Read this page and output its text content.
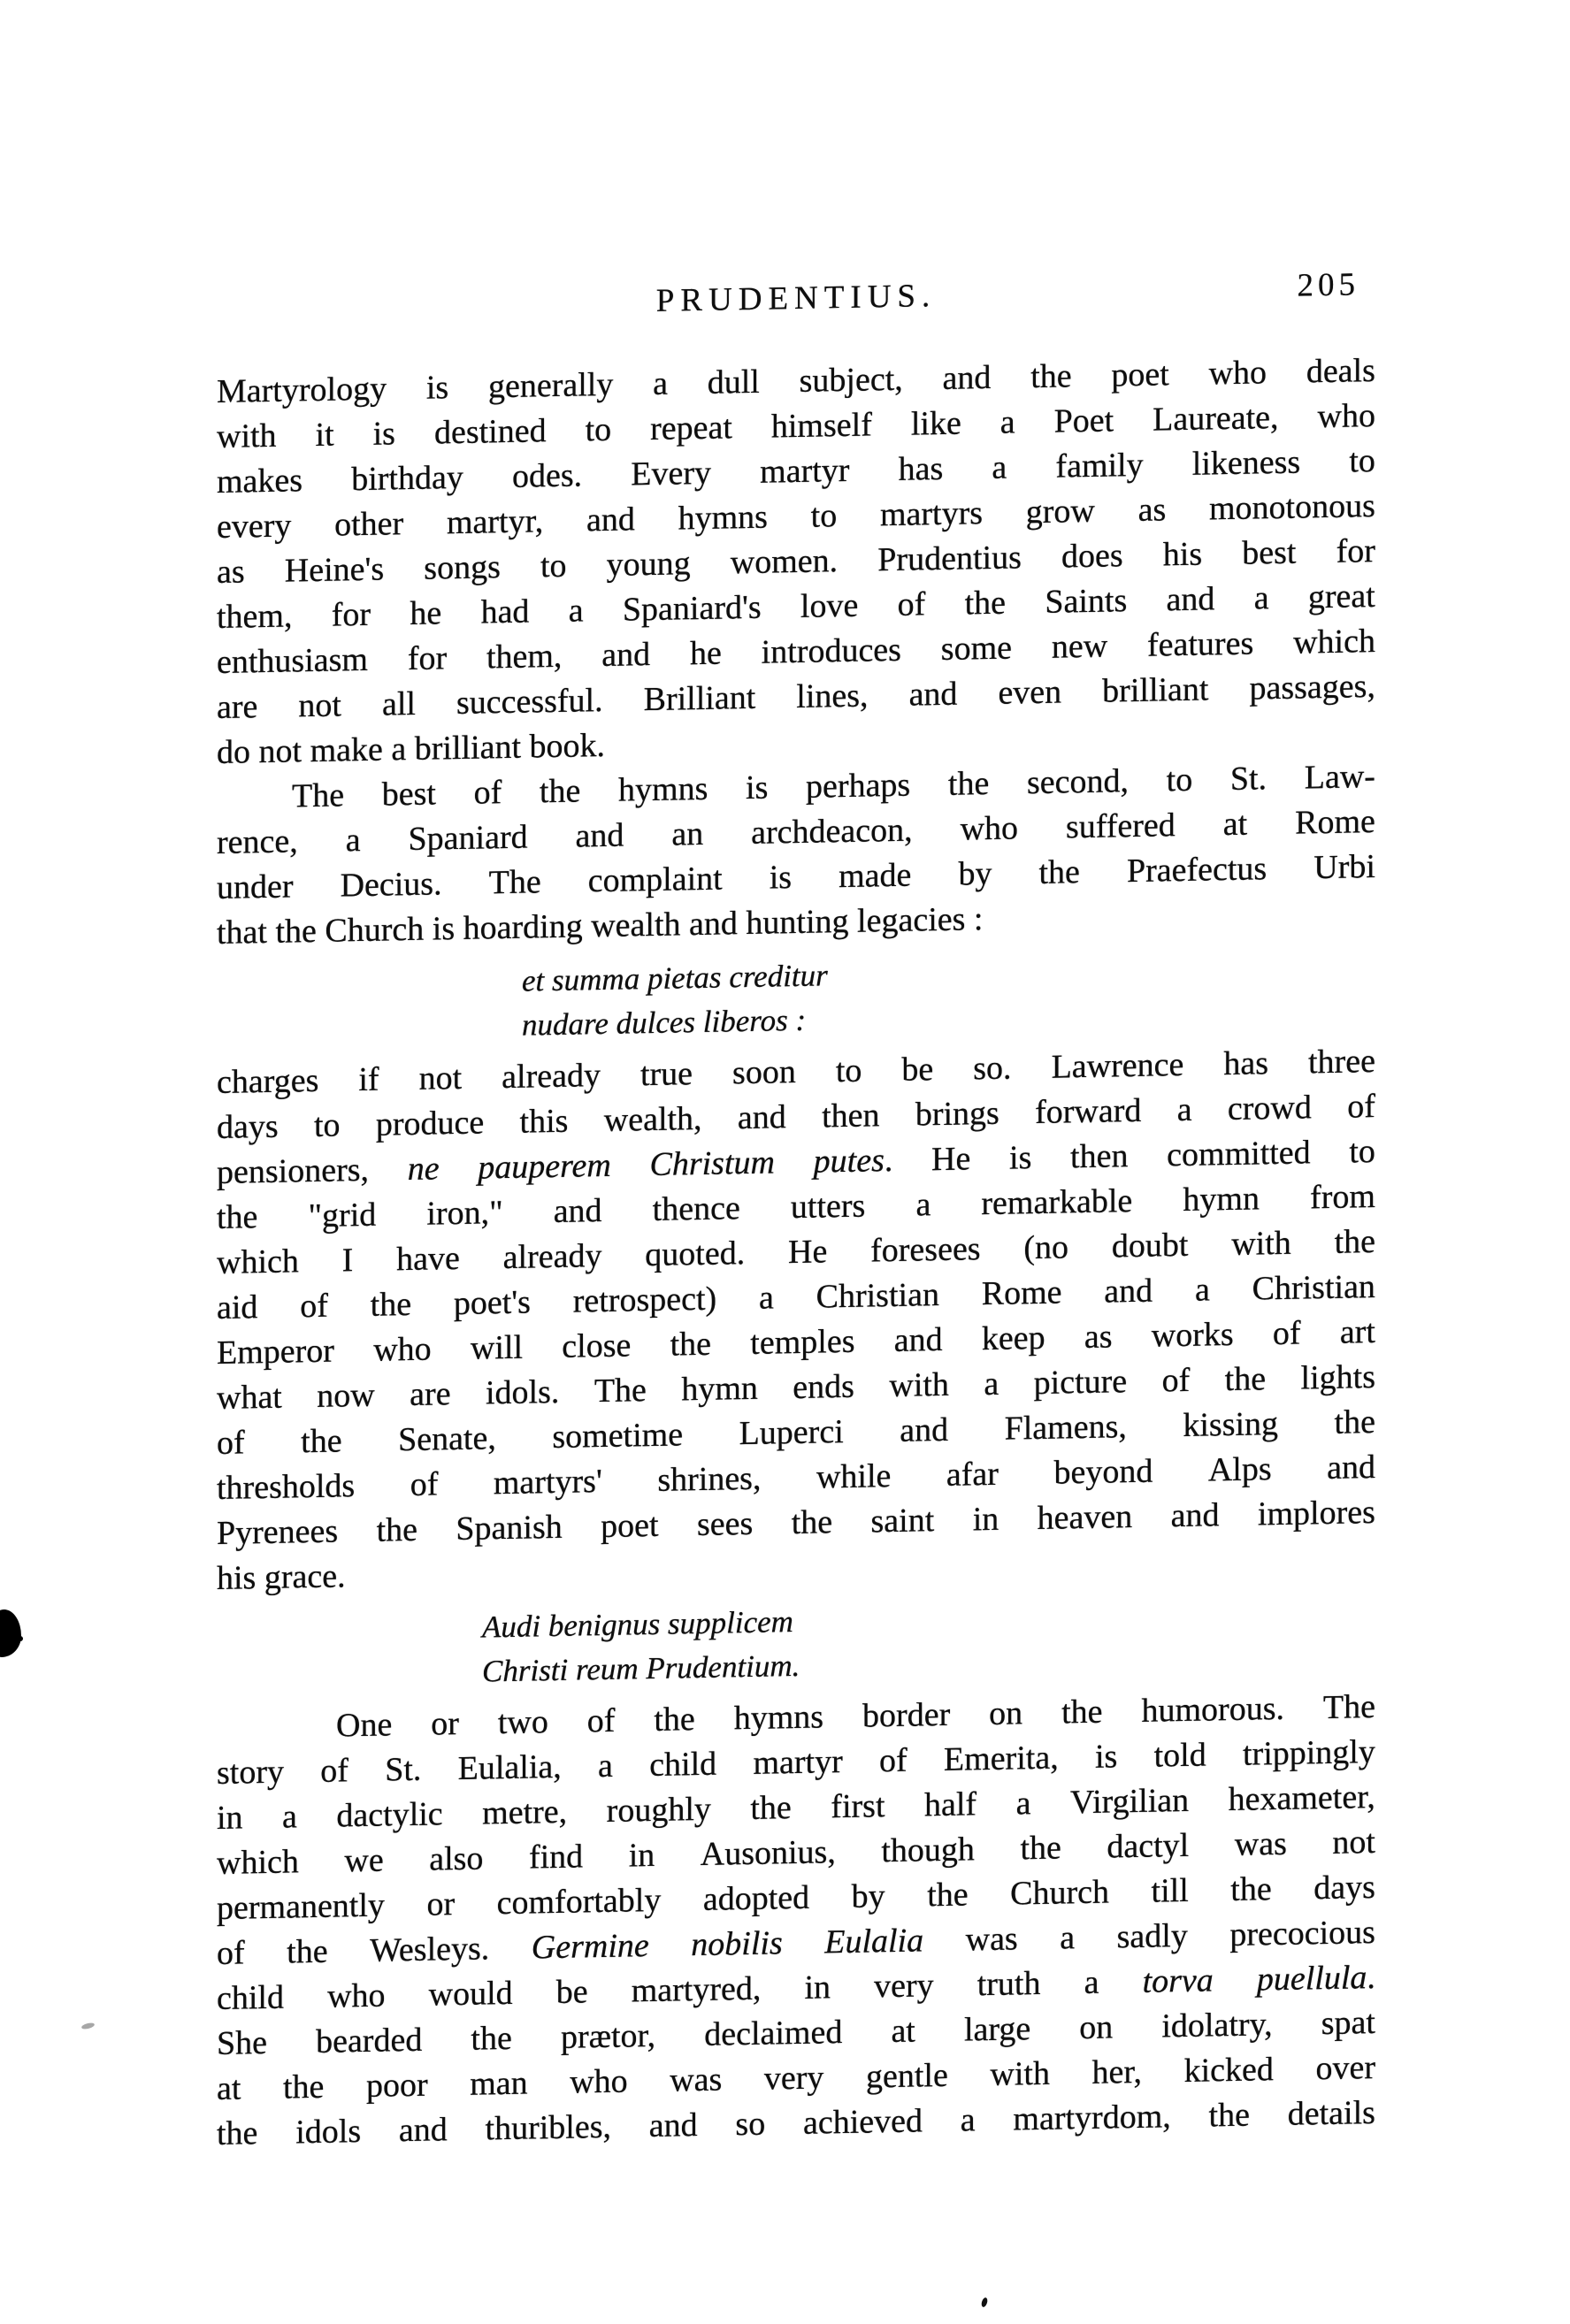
PRUDENTIUS.	205
Martyrology is generally a dull subject, and the poet who deals
with it is destined to repeat himself like a Poet Laureate, who
makes birthday odes. Every martyr has a family likeness to
every other martyr, and hymns to martyrs grow as monotonous
as Heine's songs to young women. Prudentius does his best for
them, for he had a Spaniard's love of the Saints and a great
enthusiasm for them, and he introduces some new features which
are not all successful. Brilliant lines, and even brilliant passages,
do not make a brilliant book.
The best of the hymns is perhaps the second, to St. Law-
rence, a Spaniard and an archdeacon, who suffered at Rome
under Decius. The complaint is made by the Praefectus Urbi
that the Church is hoarding wealth and hunting legacies :
et summa pietas creditur
nudare dulces liberos :
charges if not already true soon to be so. Lawrence has three
days to produce this wealth, and then brings forward a crowd of
pensioners, ne pauperem Christum putes. He is then committed to
the "grid iron," and thence utters a remarkable hymn from
which I have already quoted. He foresees (no doubt with the
aid of the poet's retrospect) a Christian Rome and a Christian
Emperor who will close the temples and keep as works of art
what now are idols. The hymn ends with a picture of the lights
of the Senate, sometime Luperci and Flamens, kissing the
thresholds of martyrs' shrines, while afar beyond Alps and
Pyrenees the Spanish poet sees the saint in heaven and implores
his grace.
Audi benignus supplicem
Christi reum Prudentium.
One or two of the hymns border on the humorous. The
story of St. Eulalia, a child martyr of Emerita, is told trippingly
in a dactylic metre, roughly the first half a Virgilian hexameter,
which we also find in Ausonius, though the dactyl was not
permanently or comfortably adopted by the Church till the days
of the Wesleys. Germine nobilis Eulalia was a sadly precocious
child who would be martyred, in very truth a torva puellula.
She bearded the prætor, declaimed at large on idolatry, spat
at the poor man who was very gentle with her, kicked over
the idols and thuribles, and so achieved a martyrdom, the details
